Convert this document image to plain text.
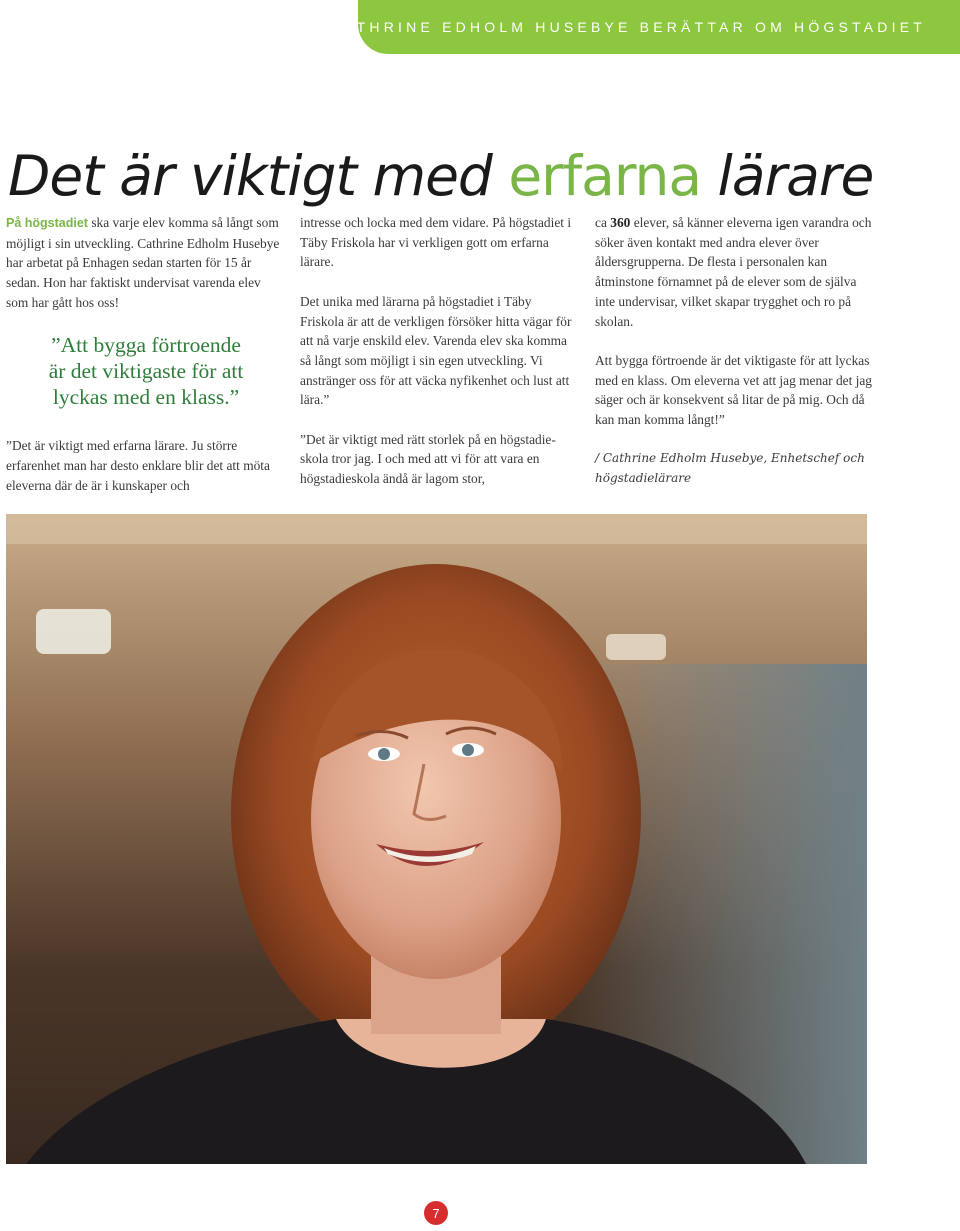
CATHRINE EDHOLM HUSEBYE BERÄTTAR OM HÖGSTADIET
Det är viktigt med erfarna lärare

På högstadiet ska varje elev komma så långt som möjligt i sin utveckling. Cathrine Edholm Husebye har arbetat på Enhagen sedan starten för 15 år sedan. Hon har faktiskt undervisat varenda elev som har gått hos oss!

”Att bygga förtroende
är det viktigaste för att
lyckas med en klass.”

”Det är viktigt med erfarna lärare. Ju större erfarenhet man har desto enklare blir det att möta eleverna där de är i kunskaper och

intresse och locka med dem vidare. På högstadiet i Täby Friskola har vi verkligen gott om erfarna lärare.

Det unika med lärarna på högstadiet i Täby Friskola är att de verkligen försöker hitta vägar för att nå varje enskild elev. Varenda elev ska komma så långt som möjligt i sin egen utveckling. Vi anstränger oss för att väcka nyfikenhet och lust att lära.”

”Det är viktigt med rätt storlek på en högstadie-skola tror jag. I och med att vi för att vara en högstadieskola ändå är lagom stor,

ca 360 elever, så känner eleverna igen varandra och söker även kontakt med andra elever över åldersgrupperna. De flesta i personalen kan åtminstone förnamnet på de elever som de själva inte undervisar, vilket skapar trygghet och ro på skolan.

Att bygga förtroende är det viktigaste för att lyckas med en klass. Om eleverna vet att jag menar det jag säger och är konsekvent så litar de på mig. Och då kan man komma långt!”

/ Cathrine Edholm Husebye, Enhetschef och högstadielärare

7
